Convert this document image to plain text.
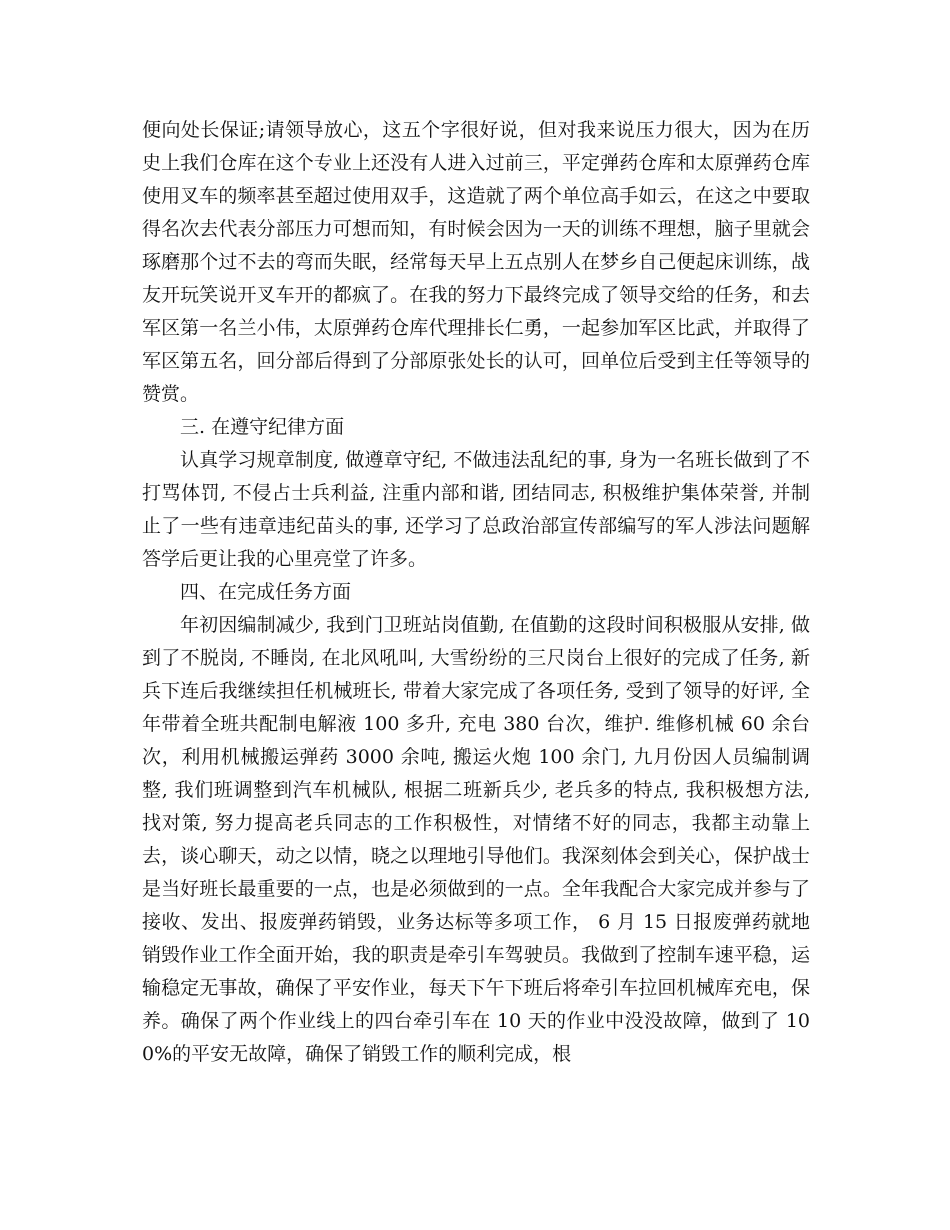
便向处长保证;请领导放心，这五个字很好说，但对我来说压力很大，因为在历史上我们仓库在这个专业上还没有人进入过前三，平定弹药仓库和太原弹药仓库使用叉车的频率甚至超过使用双手，这造就了两个单位高手如云，在这之中要取得名次去代表分部压力可想而知，有时候会因为一天的训练不理想，脑子里就会琢磨那个过不去的弯而失眠，经常每天早上五点别人在梦乡自己便起床训练，战友开玩笑说开叉车开的都疯了。在我的努力下最终完成了领导交给的任务，和去军区第一名兰小伟，太原弹药仓库代理排长仁勇，一起参加军区比武，并取得了军区第五名，回分部后得到了分部原张处长的认可，回单位后受到主任等领导的赞赏。

三. 在遵守纪律方面

认真学习规章制度, 做遵章守纪, 不做违法乱纪的事, 身为一名班长做到了不打骂体罚, 不侵占士兵利益, 注重内部和谐, 团结同志, 积极维护集体荣誉, 并制止了一些有违章违纪苗头的事, 还学习了总政治部宣传部编写的军人涉法问题解答学后更让我的心里亮堂了许多。

四、在完成任务方面

年初因编制减少, 我到门卫班站岗值勤, 在值勤的这段时间积极服从安排, 做到了不脱岗, 不睡岗, 在北风吼叫, 大雪纷纷的三尺岗台上很好的完成了任务, 新兵下连后我继续担任机械班长, 带着大家完成了各项任务, 受到了领导的好评, 全年带着全班共配制电解液 100 多升, 充电 380 台次，维护. 维修机械 60 余台次，利用机械搬运弹药 3000 余吨, 搬运火炮 100 余门, 九月份因人员编制调整, 我们班调整到汽车机械队, 根据二班新兵少, 老兵多的特点, 我积极想方法, 找对策, 努力提高老兵同志的工作积极性，对情绪不好的同志，我都主动靠上去，谈心聊天，动之以情，晓之以理地引导他们。我深刻体会到关心，保护战士是当好班长最重要的一点，也是必须做到的一点。全年我配合大家完成并参与了接收、发出、报废弹药销毁，业务达标等多项工作， 6 月 15 日报废弹药就地销毁作业工作全面开始，我的职责是牵引车驾驶员。我做到了控制车速平稳，运输稳定无事故，确保了平安作业，每天下午下班后将牵引车拉回机械库充电，保养。确保了两个作业线上的四台牵引车在 10 天的作业中没没故障，做到了 100%的平安无故障，确保了销毁工作的顺利完成，根
